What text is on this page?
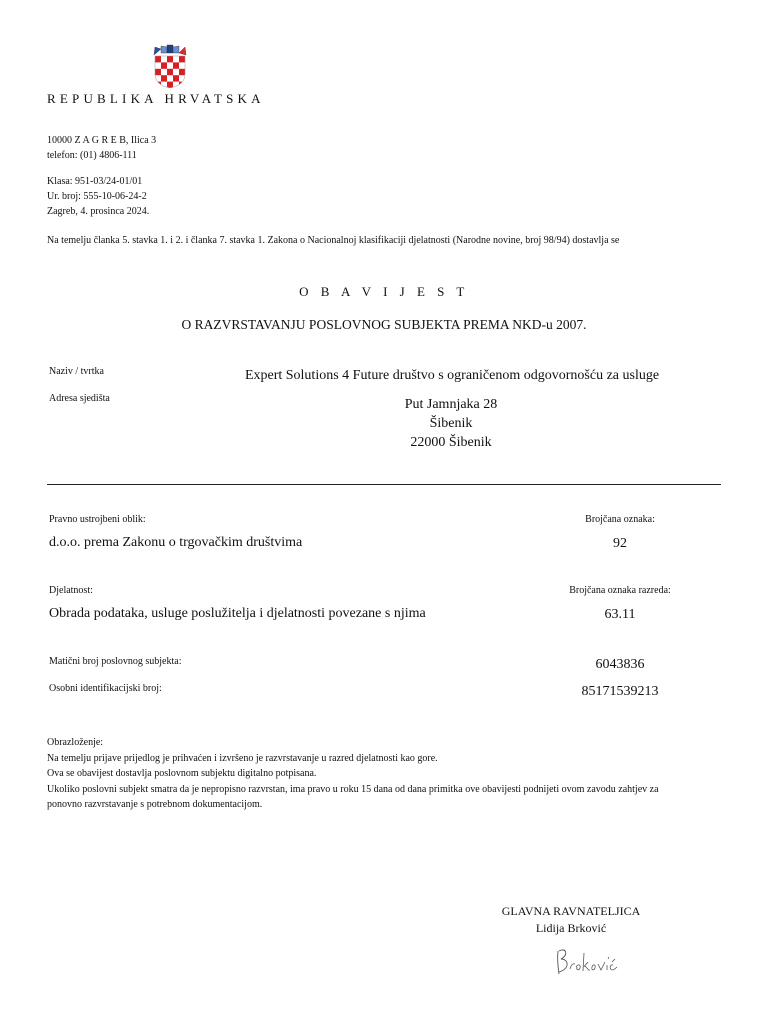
REPUBLIKA HRVATSKA
10000 Z A G R E B, Ilica 3
telefon: (01) 4806-111
Klasa: 951-03/24-01/01
Ur. broj: 555-10-06-24-2
Zagreb, 4. prosinca 2024.
Na temelju članka 5. stavka 1. i 2. i članka 7. stavka 1. Zakona o Nacionalnoj klasifikaciji djelatnosti (Narodne novine, broj 98/94) dostavlja se
O B A V I J E S T
O RAZVRSTAVANJU POSLOVNOG SUBJEKTA PREMA NKD-u 2007.
Naziv / tvrtka	Expert Solutions 4 Future društvo s ograničenom odgovornošću za usluge
Adresa sjedišta	Put Jamnjaka 28
Šibenik
22000 Šibenik
Pravno ustrojbeni oblik:	Brojčana oznaka:
d.o.o. prema Zakonu o trgovačkim društvima	92
Djelatnost:	Brojčana oznaka razreda:
Obrada podataka, usluge poslužitelja i djelatnosti povezane s njima	63.11
Matični broj poslovnog subjekta:	6043836
Osobni identifikacijski broj:	85171539213
Obrazloženje:
Na temelju prijave prijedlog je prihvaćen i izvršeno je razvrstavanje u razred djelatnosti kao gore.
Ova se obavijest dostavlja poslovnom subjektu digitalno potpisana.
Ukoliko poslovni subjekt smatra da je nepropisno razvrstan, ima pravo u roku 15 dana od dana primitka ove obavijesti podnijeti ovom zavodu zahtjev za
ponovno razvrstavanje s potrebnom dokumentacijom.
GLAVNA RAVNATELJICA
Lidija Brković
